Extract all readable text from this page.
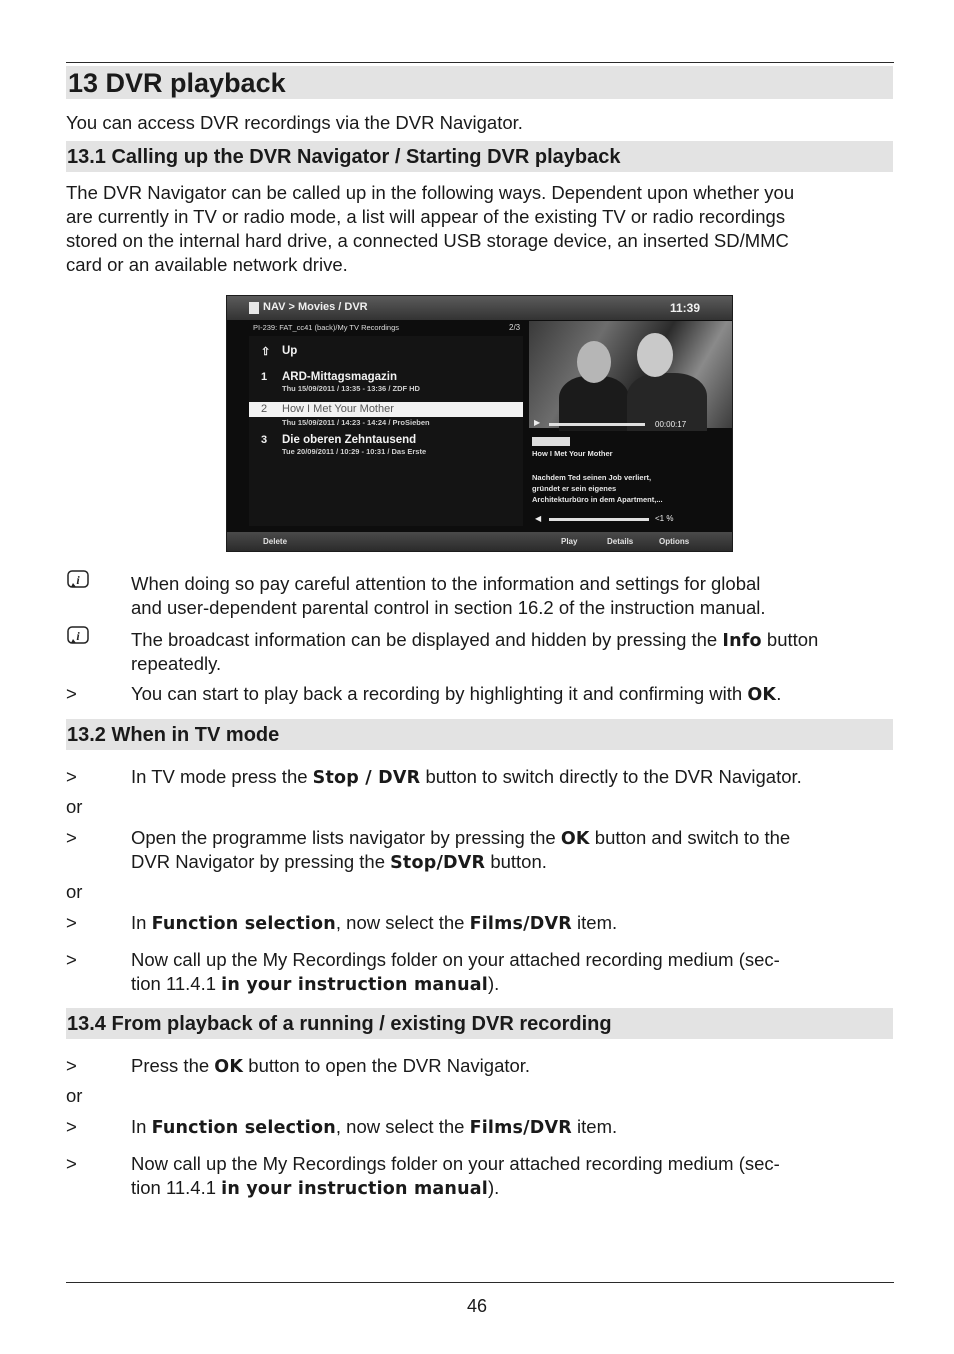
13 DVR playback
You can access DVR recordings via the DVR Navigator.
13.1 Calling up the DVR Navigator / Starting DVR playback
The DVR Navigator can be called up in the following ways. Dependent upon whether you
are currently in TV or radio mode, a list will appear of the existing TV or radio recordings
stored on the internal hard drive, a connected USB storage device, an inserted SD/MMC
card or an available network drive.
NAV > Movies / DVR	11:39
PI-239: FAT_cc41 (back)/My TV Recordings	2/3
⇧ Up
1 ARD-Mittagsmagazin
Thu 15/09/2011 / 13:35 - 13:36 / ZDF HD
Thu 15/09/2011 / 14:23 - 14:24 / ProSieben
3 Die oberen Zehntausend
Tue 20/09/2011 / 10:29 - 10:31 / Das Erste
2 How I Met Your Mother
▶	00:00:17
How I Met Your Mother
Nachdem Ted seinen Job verliert,
gründet er sein eigenes
Architekturbüro in dem Apartment,...
◀	<1 %
Delete	Play	Details	Options
i	When doing so pay careful attention to the information and settings for global
and user-dependent parental control in section 16.2 of the instruction manual.
i	The broadcast information can be displayed and hidden by pressing the Info button
repeatedly.
>	You can start to play back a recording by highlighting it and confirming with OK.
13.2 When in TV mode
>	In TV mode press the Stop / DVR button to switch directly to the DVR Navigator.
or
>	Open the programme lists navigator by pressing the OK button and switch to the
DVR Navigator by pressing the Stop/DVR button.
or
>	In Function selection, now select the Films/DVR item.
>	Now call up the My Recordings folder on your attached recording medium (sec-
tion 11.4.1 in your instruction manual).
13.4 From playback of a running / existing DVR recording
>	Press the OK button to open the DVR Navigator.
or
>	In Function selection, now select the Films/DVR item.
>	Now call up the My Recordings folder on your attached recording medium (sec-
tion 11.4.1 in your instruction manual).
46
